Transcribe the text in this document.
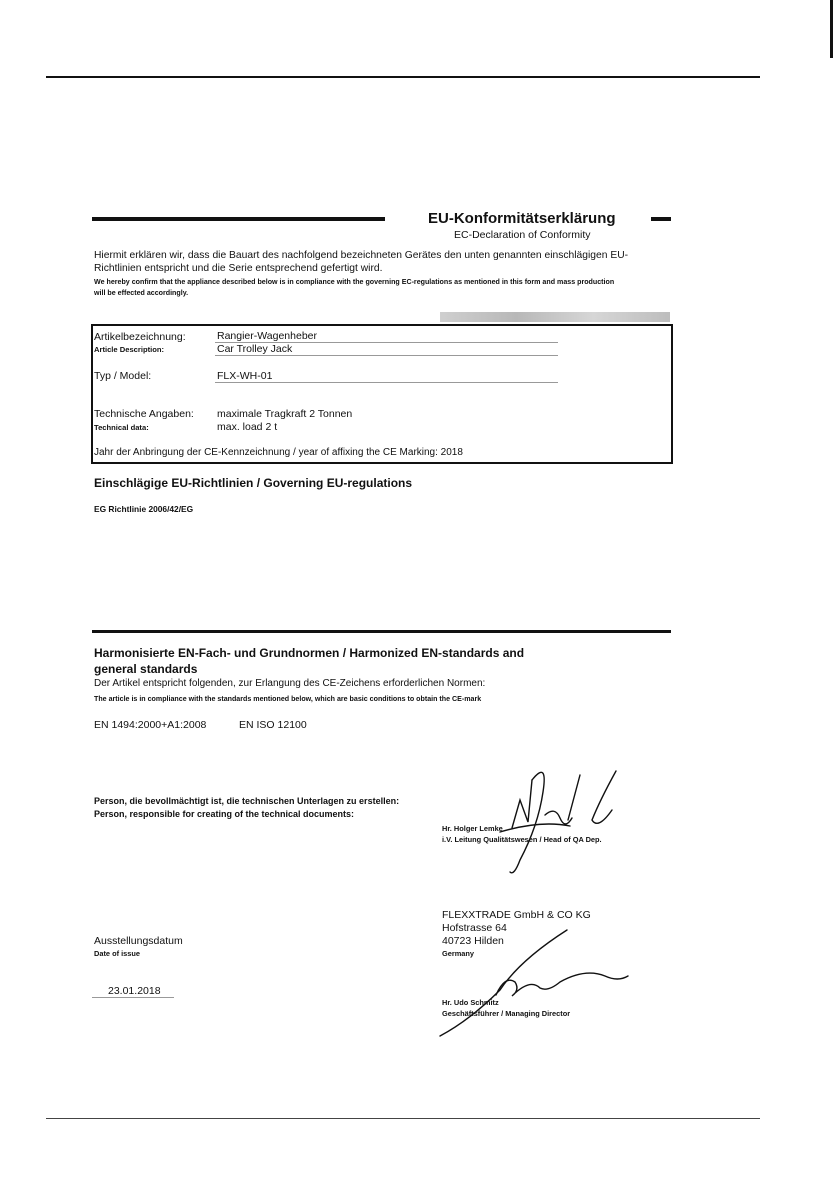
EU-Konformitätserklärung
EC-Declaration of Conformity
Hiermit erklären wir, dass die Bauart des nachfolgend bezeichneten Gerätes den unten genannten einschlägigen EU-
Richtlinien entspricht und die Serie entsprechend gefertigt wird.
We hereby confirm that the appliance described below is in compliance with the governing EC-regulations as mentioned in this form and mass production
will be effected accordingly.
Artikelbezeichnung:
Article Description:
Rangier-Wagenheber
Car Trolley Jack
Typ / Model:	FLX-WH-01
Technische Angaben:
Technical data:
maximale Tragkraft 2 Tonnen
max. load 2 t
Jahr der Anbringung der CE-Kennzeichnung / year of affixing the CE Marking: 2018
Einschlägige EU-Richtlinien / Governing EU-regulations
EG Richtlinie 2006/42/EG
Harmonisierte EN-Fach- und Grundnormen / Harmonized EN-standards and
general standards
Der Artikel entspricht folgenden, zur Erlangung des CE-Zeichens erforderlichen Normen:
The article is in compliance with the standards mentioned below, which are basic conditions to obtain the CE-mark
EN 1494:2000+A1:2008	EN ISO 12100
Person, die bevollmächtigt ist, die technischen Unterlagen zu erstellen:
Person, responsible for creating of the technical documents:
Hr. Holger Lemke
i.V. Leitung Qualitätswesen / Head of QA Dep.
FLEXXTRADE GmbH & CO KG
Hofstrasse 64
40723 Hilden
Germany
Ausstellungsdatum
Date of issue
23.01.2018
Hr. Udo Schmitz
Geschäftsführer / Managing Director
